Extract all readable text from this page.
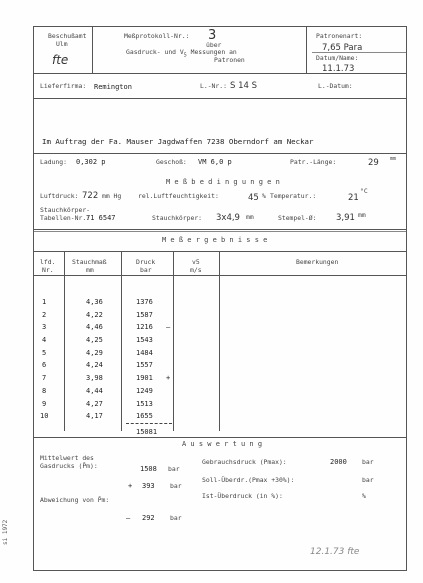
Beschußamt
Ulm
fte
Meßprotokoll-Nr.: 3
über
Gasdruck- und $V_5$ Messungen an
Patronen
Patronenart:
7,65 Para
Datum/Name:
11.1.73
Lieferfirma: Remington	L.-Nr.: S 14 S	L.-Datum:
Im Auftrag der Fa. Mauser Jagdwaffen 7238 Oberndorf am Neckar
Ladung: 0,302 p	Geschoß: VM 6,0 p	Patr.-Länge:	29 mm
M e ß b e d i n g u n g e n
Luftdruck: 722 mm Hg	rel.Luftfeuchtigkeit:	45 % Temperatur.:	21
°C
Stauchkörper-
Tabellen-Nr.:
71 6547	Stauchkörper: 3x4,9 mm	Stempel-Ø: 3,91 mm
M e ß e r g e b n i s s e
lfd.
Nr.
Stauchmaß
mm
Druck
bar
v5
m/s
Bemerkungen
1	4,36	1376
2	4,22	1587
3	4,46	1216 –
4	4,25	1543
5	4,29	1484
6	4,24	1557
7	3,98	1901 +
8	4,44	1249
9	4,27	1513
10	4,17	1655
15081
A u s w e r t u n g
Mittelwert des
Gasdrucks (P̄m):	1508 bar
+ 393 bar
Abweichung von P̄m:
– 292 bar
Gebrauchsdruck (Pmax):	2000 bar
Soll-Überdr.(Pmax +30%):	bar
Ist-Überdruck (in %):	%
12.1.73 fte
si 1972
